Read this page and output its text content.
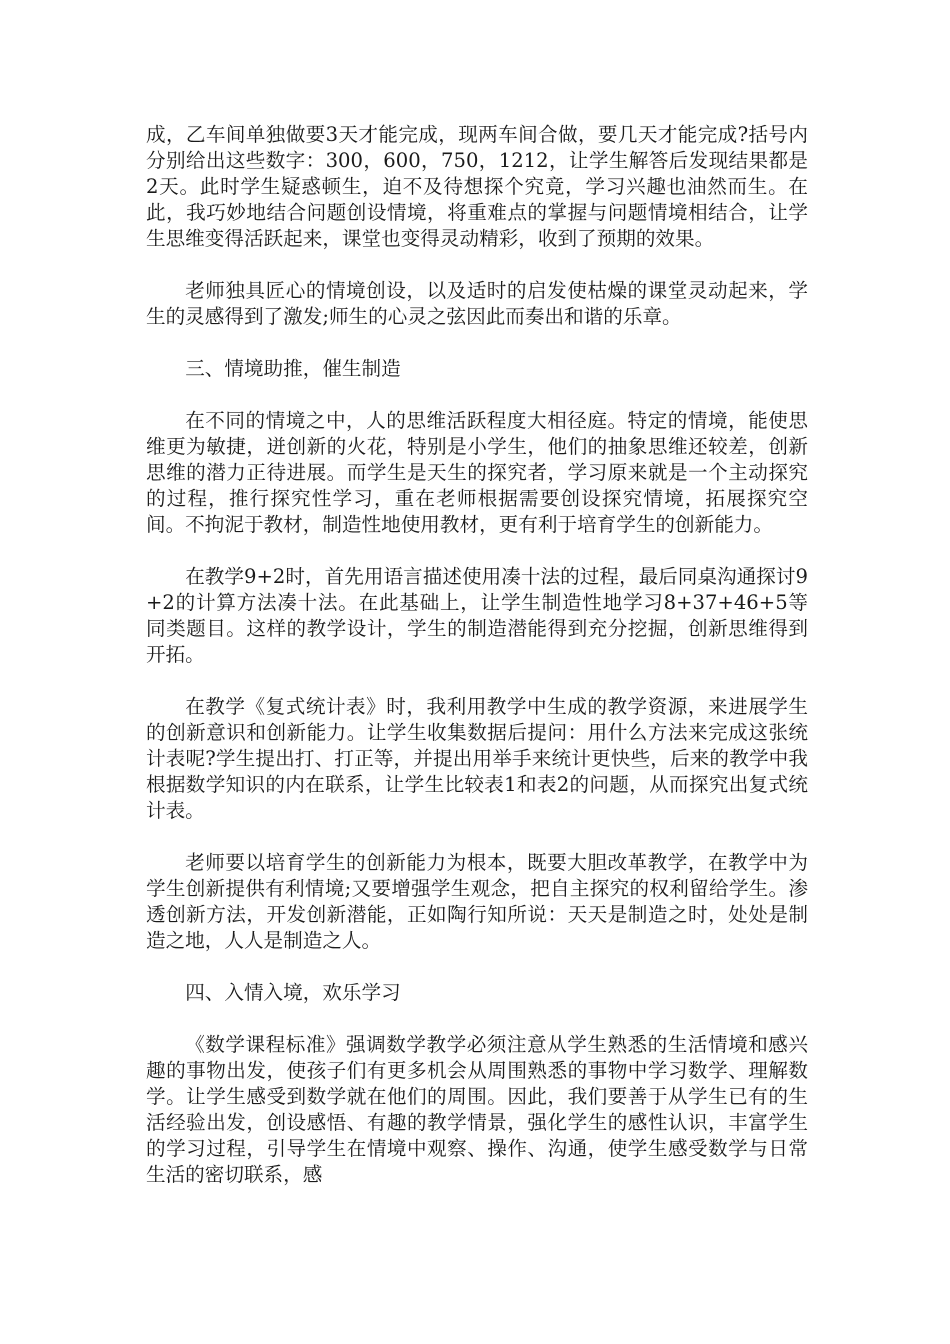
成，乙车间单独做要3天才能完成，现两车间合做，要几天才能完成?括号内分别给出这些数字：300，600，750，1212，让学生解答后发现结果都是2天。此时学生疑惑顿生，迫不及待想探个究竟，学习兴趣也油然而生。在此，我巧妙地结合问题创设情境，将重难点的掌握与问题情境相结合，让学生思维变得活跃起来，课堂也变得灵动精彩，收到了预期的效果。

老师独具匠心的情境创设，以及适时的启发使枯燥的课堂灵动起来，学生的灵感得到了激发;师生的心灵之弦因此而奏出和谐的乐章。

三、情境助推，催生制造

在不同的情境之中，人的思维活跃程度大相径庭。特定的情境，能使思维更为敏捷，迸创新的火花，特别是小学生，他们的抽象思维还较差，创新思维的潜力正待进展。而学生是天生的探究者，学习原来就是一个主动探究的过程，推行探究性学习，重在老师根据需要创设探究情境，拓展探究空间。不拘泥于教材，制造性地使用教材，更有利于培育学生的创新能力。

在教学9+2时，首先用语言描述使用凑十法的过程，最后同桌沟通探讨9+2的计算方法凑十法。在此基础上，让学生制造性地学习8+37+46+5等同类题目。这样的教学设计，学生的制造潜能得到充分挖掘，创新思维得到开拓。

在教学《复式统计表》时，我利用教学中生成的教学资源，来进展学生的创新意识和创新能力。让学生收集数据后提问：用什么方法来完成这张统计表呢?学生提出打、打正等，并提出用举手来统计更快些，后来的教学中我根据数学知识的内在联系，让学生比较表1和表2的问题，从而探究出复式统计表。

老师要以培育学生的创新能力为根本，既要大胆改革教学，在教学中为学生创新提供有利情境;又要增强学生观念，把自主探究的权利留给学生。渗透创新方法，开发创新潜能，正如陶行知所说：天天是制造之时，处处是制造之地，人人是制造之人。

四、入情入境，欢乐学习

《数学课程标准》强调数学教学必须注意从学生熟悉的生活情境和感兴趣的事物出发，使孩子们有更多机会从周围熟悉的事物中学习数学、理解数学。让学生感受到数学就在他们的周围。因此，我们要善于从学生已有的生活经验出发，创设感悟、有趣的教学情景，强化学生的感性认识，丰富学生的学习过程，引导学生在情境中观察、操作、沟通，使学生感受数学与日常生活的密切联系，感
